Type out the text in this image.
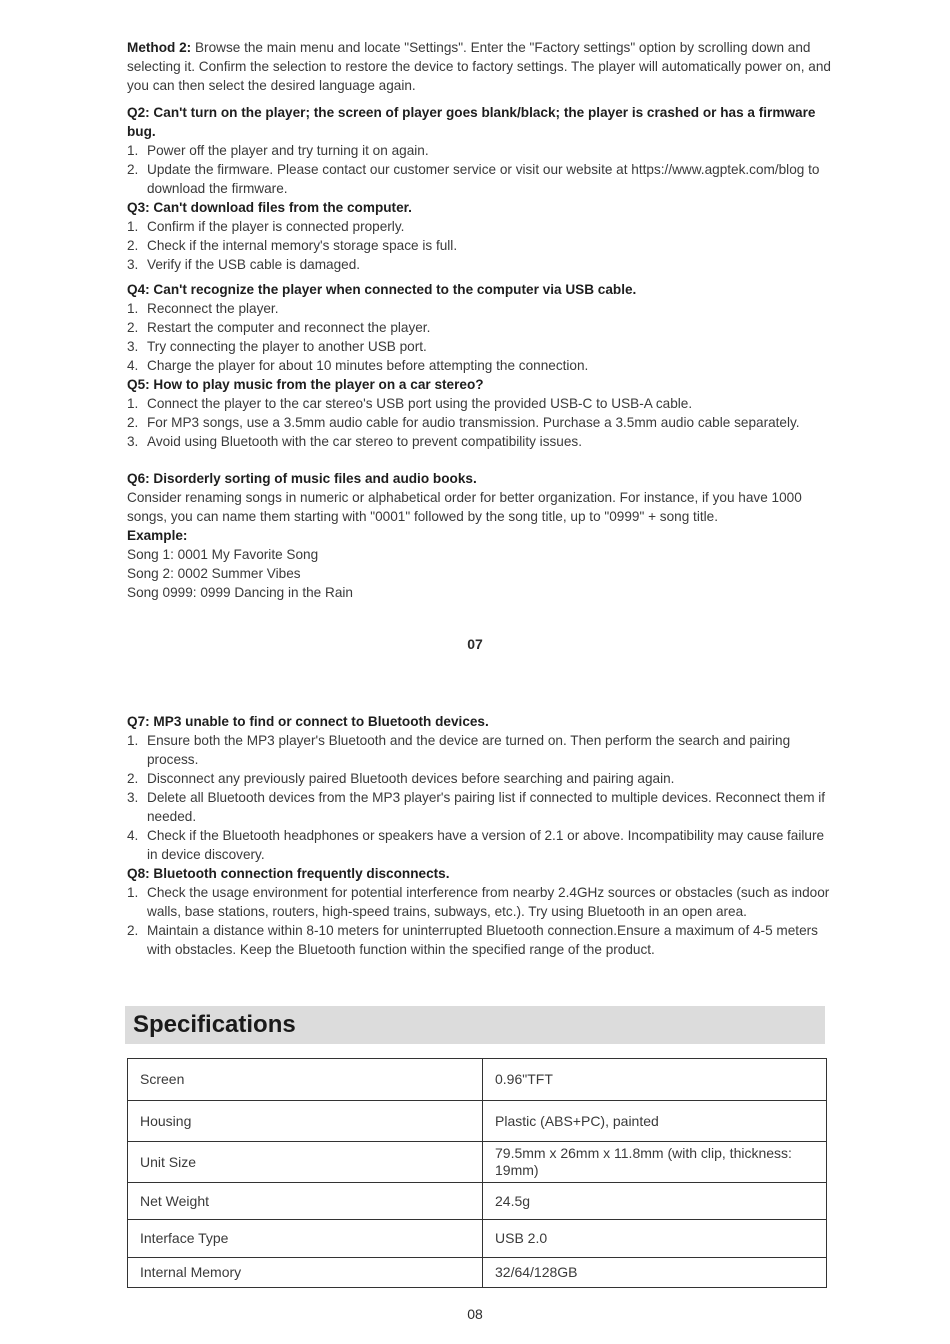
Method 2: Browse the main menu and locate "Settings". Enter the "Factory settings" option by scrolling down and selecting it. Confirm the selection to restore the device to factory settings. The player will automatically power on, and you can then select the desired language again.

Q2: Can't turn on the player; the screen of player goes blank/black; the player is crashed or has a firmware bug.

1. Power off the player and try turning it on again.
2. Update the firmware. Please contact our customer service or visit our website at https://www.agptek.com/blog to download the firmware.

Q3: Can't download files from the computer.

1. Confirm if the player is connected properly.
2. Check if the internal memory's storage space is full.
3. Verify if the USB cable is damaged.

Q4: Can't recognize the player when connected to the computer via USB cable.

1. Reconnect the player.
2. Restart the computer and reconnect the player.
3. Try connecting the player to another USB port.
4. Charge the player for about 10 minutes before attempting the connection.

Q5: How to play music from the player on a car stereo?

1. Connect the player to the car stereo's USB port using the provided USB-C to USB-A cable.
2. For MP3 songs, use a 3.5mm audio cable for audio transmission. Purchase a 3.5mm audio cable separately.
3. Avoid using Bluetooth with the car stereo to prevent compatibility issues.

Q6: Disorderly sorting of music files and audio books.

Consider renaming songs in numeric or alphabetical order for better organization. For instance, if you have 1000 songs, you can name them starting with "0001" followed by the song title, up to "0999" + song title.

Example:

Song 1: 0001 My Favorite Song

Song 2: 0002 Summer Vibes

Song 0999: 0999 Dancing in the Rain

07

Q7: MP3 unable to find or connect to Bluetooth devices.

1. Ensure both the MP3 player's Bluetooth and the device are turned on. Then perform the search and pairing process.
2. Disconnect any previously paired Bluetooth devices before searching and pairing again.
3. Delete all Bluetooth devices from the MP3 player's pairing list if connected to multiple devices. Reconnect them if needed.
4. Check if the Bluetooth headphones or speakers have a version of 2.1 or above. Incompatibility may cause failure in device discovery.

Q8: Bluetooth connection frequently disconnects.

1. Check the usage environment for potential interference from nearby 2.4GHz sources or obstacles (such as indoor walls, base stations, routers, high-speed trains, subways, etc.). Try using Bluetooth in an open area.
2. Maintain a distance within 8-10 meters for uninterrupted Bluetooth connection.Ensure a maximum of 4-5 meters with obstacles. Keep the Bluetooth function within the specified range of the product.
Specifications
Screen	0.96"TFT
Housing	Plastic (ABS+PC), painted
Unit Size	79.5mm x 26mm x 11.8mm (with clip, thickness: 19mm)
Net Weight	24.5g
Interface Type	USB 2.0
Internal Memory	32/64/128GB
08
